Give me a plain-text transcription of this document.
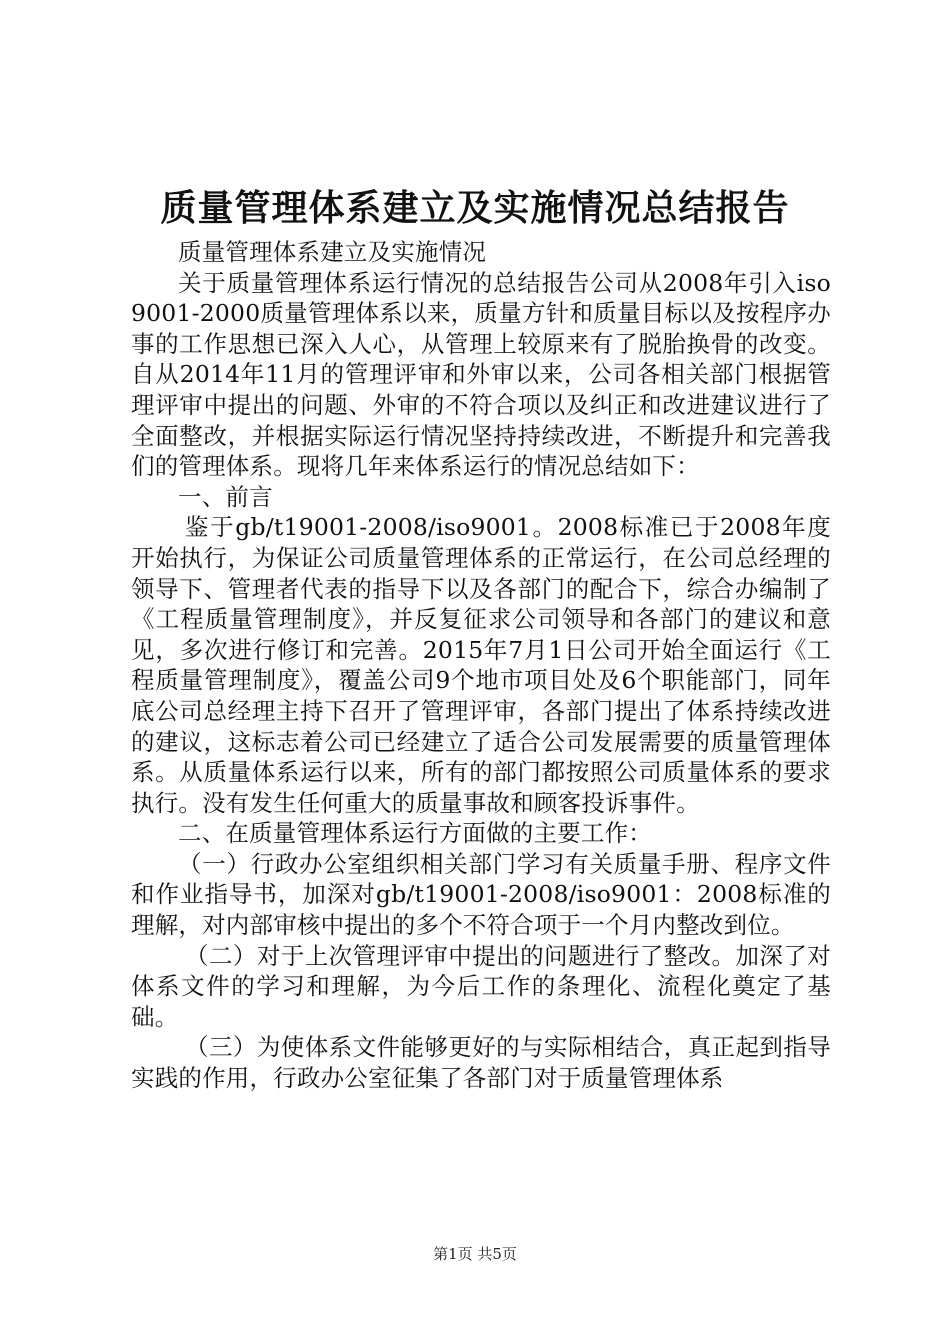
质量管理体系建立及实施情况总结报告

质量管理体系建立及实施情况

关于质量管理体系运行情况的总结报告公司从2008年引入iso9001-2000质量管理体系以来，质量方针和质量目标以及按程序办事的工作思想已深入人心，从管理上较原来有了脱胎换骨的改变。自从2014年11月的管理评审和外审以来，公司各相关部门根据管理评审中提出的问题、外审的不符合项以及纠正和改进建议进行了全面整改，并根据实际运行情况坚持持续改进，不断提升和完善我们的管理体系。现将几年来体系运行的情况总结如下：

一、前言

鉴于gb/t19001-2008/iso9001。2008标准已于2008年度开始执行，为保证公司质量管理体系的正常运行，在公司总经理的领导下、管理者代表的指导下以及各部门的配合下，综合办编制了《工程质量管理制度》，并反复征求公司领导和各部门的建议和意见，多次进行修订和完善。2015年7月1日公司开始全面运行《工程质量管理制度》，覆盖公司9个地市项目处及6个职能部门，同年底公司总经理主持下召开了管理评审，各部门提出了体系持续改进的建议，这标志着公司已经建立了适合公司发展需要的质量管理体系。从质量体系运行以来，所有的部门都按照公司质量体系的要求执行。没有发生任何重大的质量事故和顾客投诉事件。

二、在质量管理体系运行方面做的主要工作：

（一）行政办公室组织相关部门学习有关质量手册、程序文件和作业指导书，加深对gb/t19001-2008/iso9001：2008标准的理解，对内部审核中提出的多个不符合项于一个月内整改到位。

（二）对于上次管理评审中提出的问题进行了整改。加深了对体系文件的学习和理解，为今后工作的条理化、流程化奠定了基础。

（三）为使体系文件能够更好的与实际相结合，真正起到指导实践的作用，行政办公室征集了各部门对于质量管理体系

第1页 共5页
